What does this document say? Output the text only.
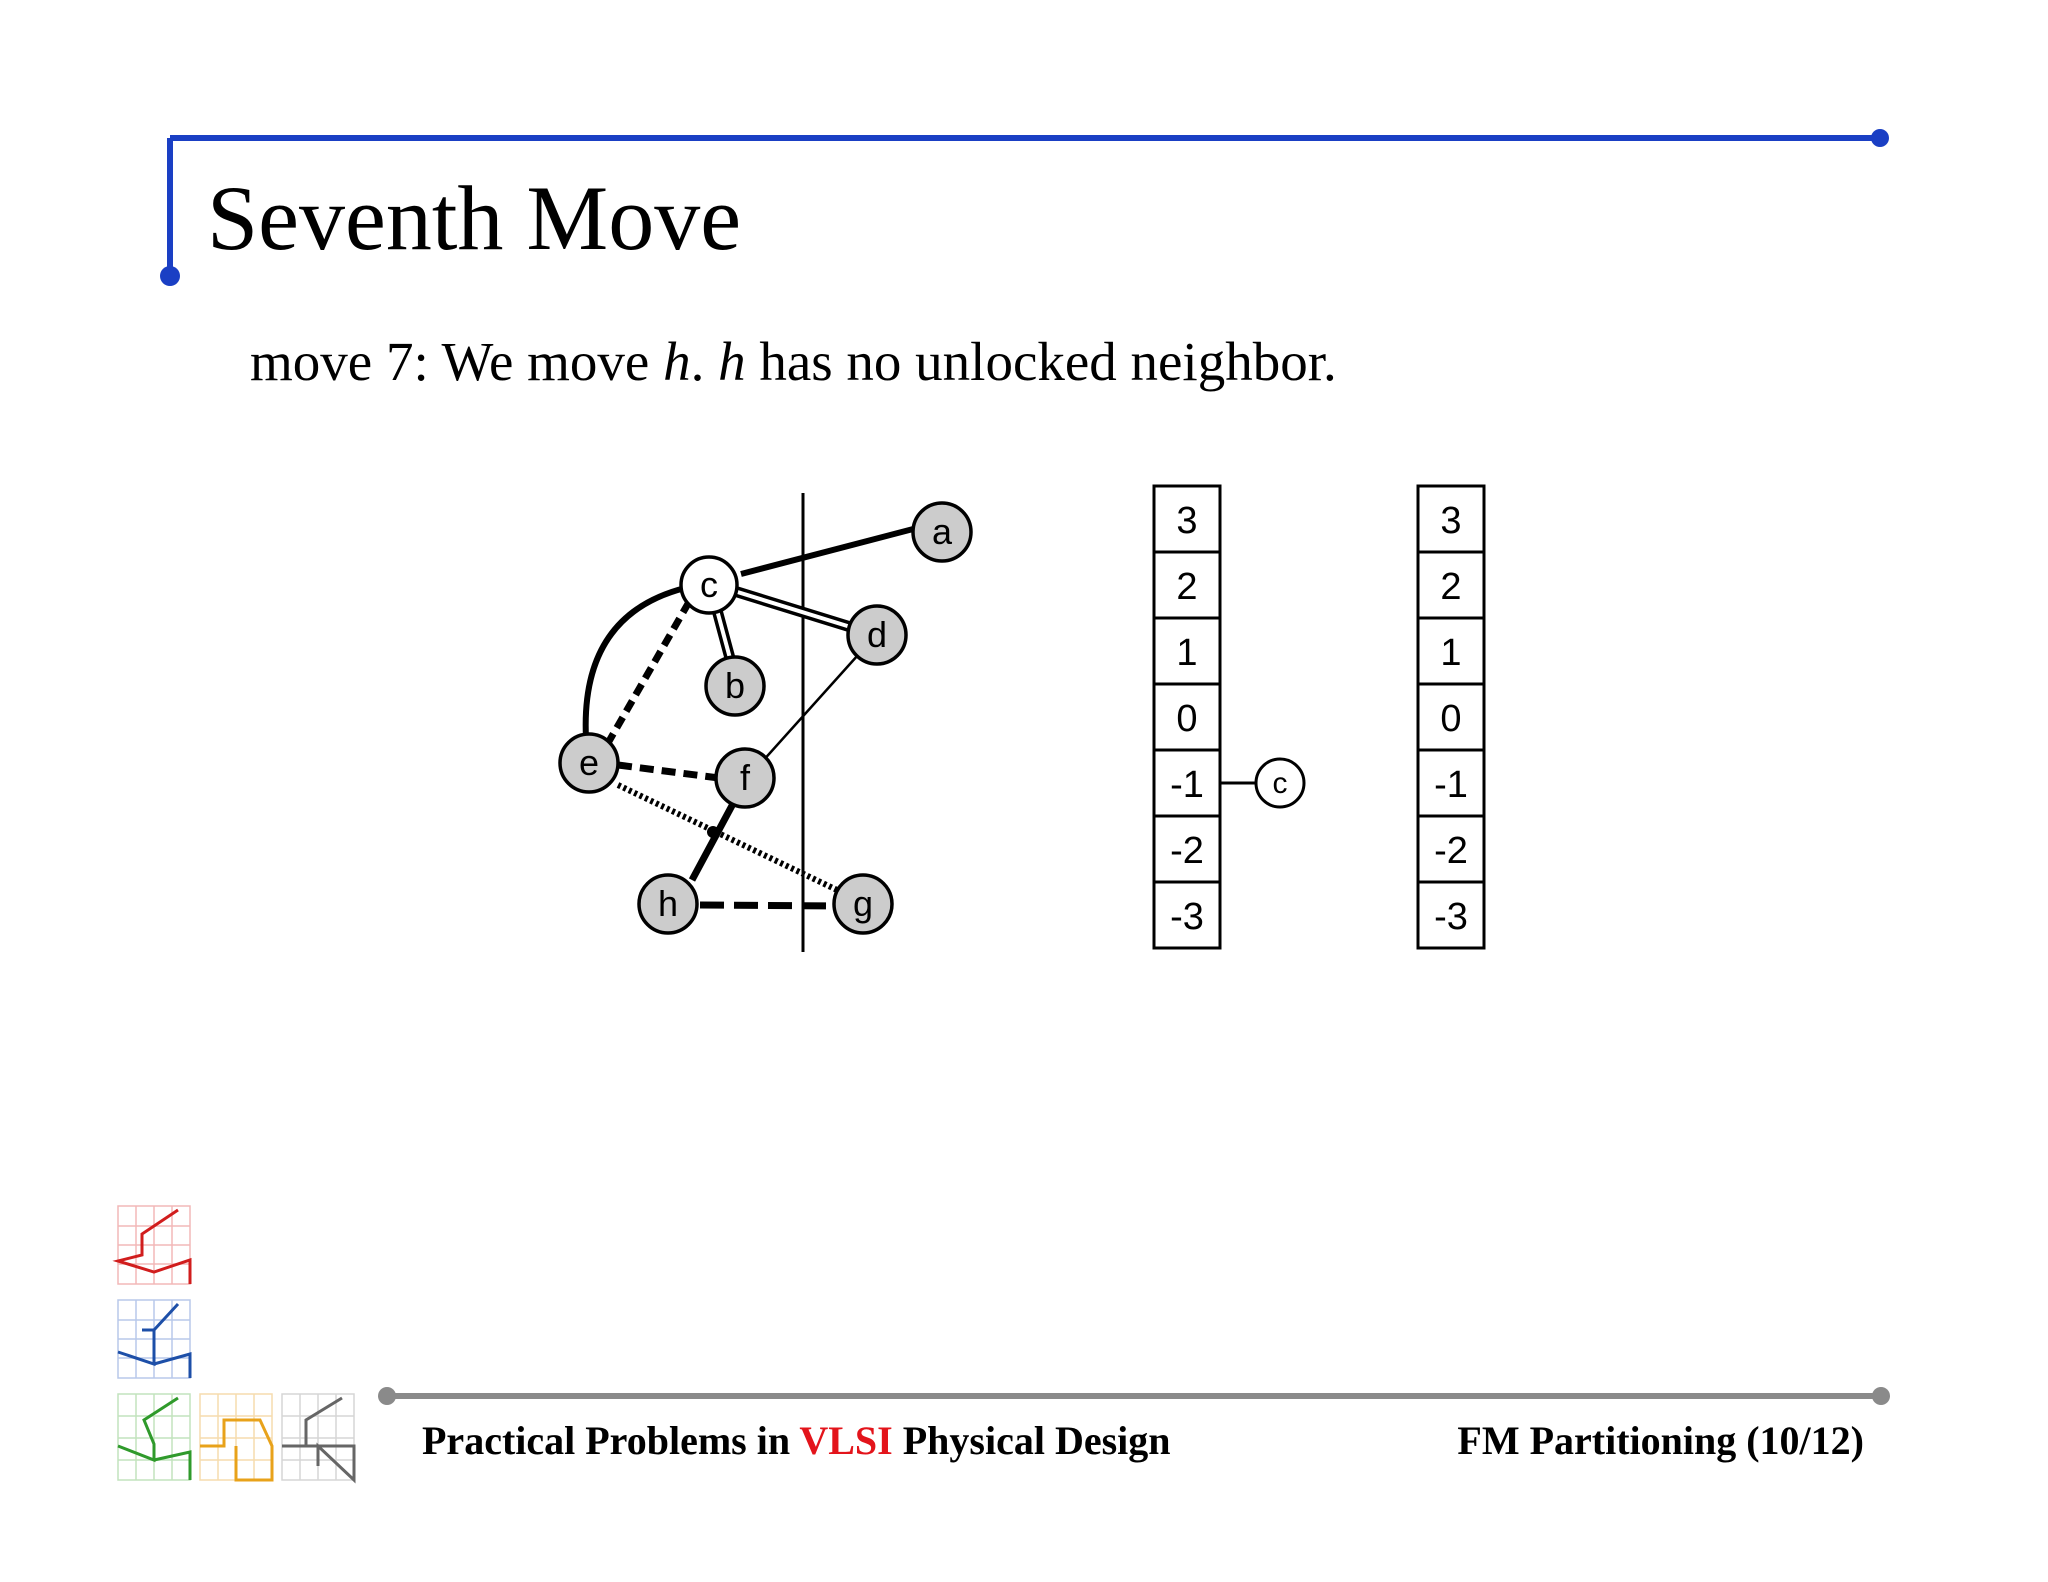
Seventh Move
move 7: We move h. h has no unlocked neighbor.
a
c
d
b
e	f
h	g
3
2
1
0
-1
-2
-3
c
3
2
1
0
-1
-2
-3
Practical Problems in VLSI Physical Design	FM Partitioning (10/12)
